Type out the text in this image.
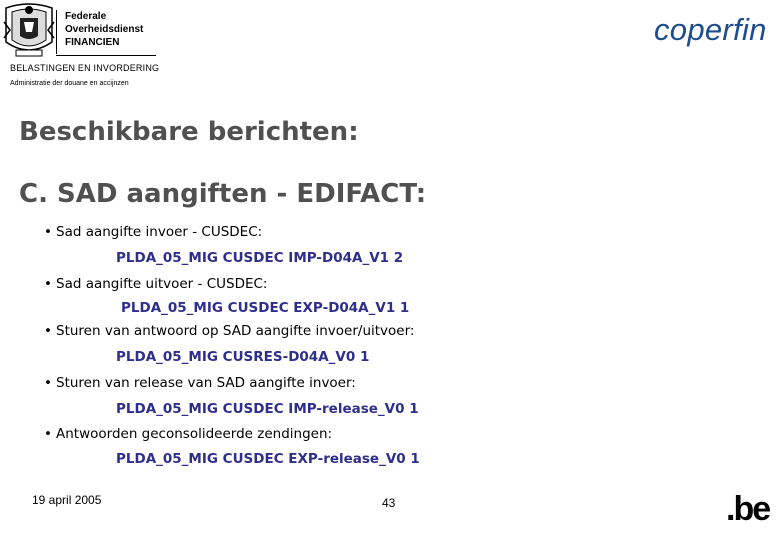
Federale
Overheidsdienst
FINANCIEN
BELASTINGEN EN INVORDERING
Administratie der douane en accijnzen
coperfin
Beschikbare berichten:
C. SAD aangiften - EDIFACT:
• Sad aangifte invoer - CUSDEC:
PLDA_05_MIG CUSDEC IMP-D04A_V1 2
• Sad aangifte uitvoer - CUSDEC:
PLDA_05_MIG CUSDEC EXP-D04A_V1 1
• Sturen van antwoord op SAD aangifte invoer/uitvoer:
PLDA_05_MIG CUSRES-D04A_V0 1
• Sturen van release van SAD aangifte invoer:
PLDA_05_MIG CUSDEC IMP-release_V0 1
• Antwoorden geconsolideerde zendingen:
PLDA_05_MIG CUSDEC EXP-release_V0 1
19 april 2005	43	.be
